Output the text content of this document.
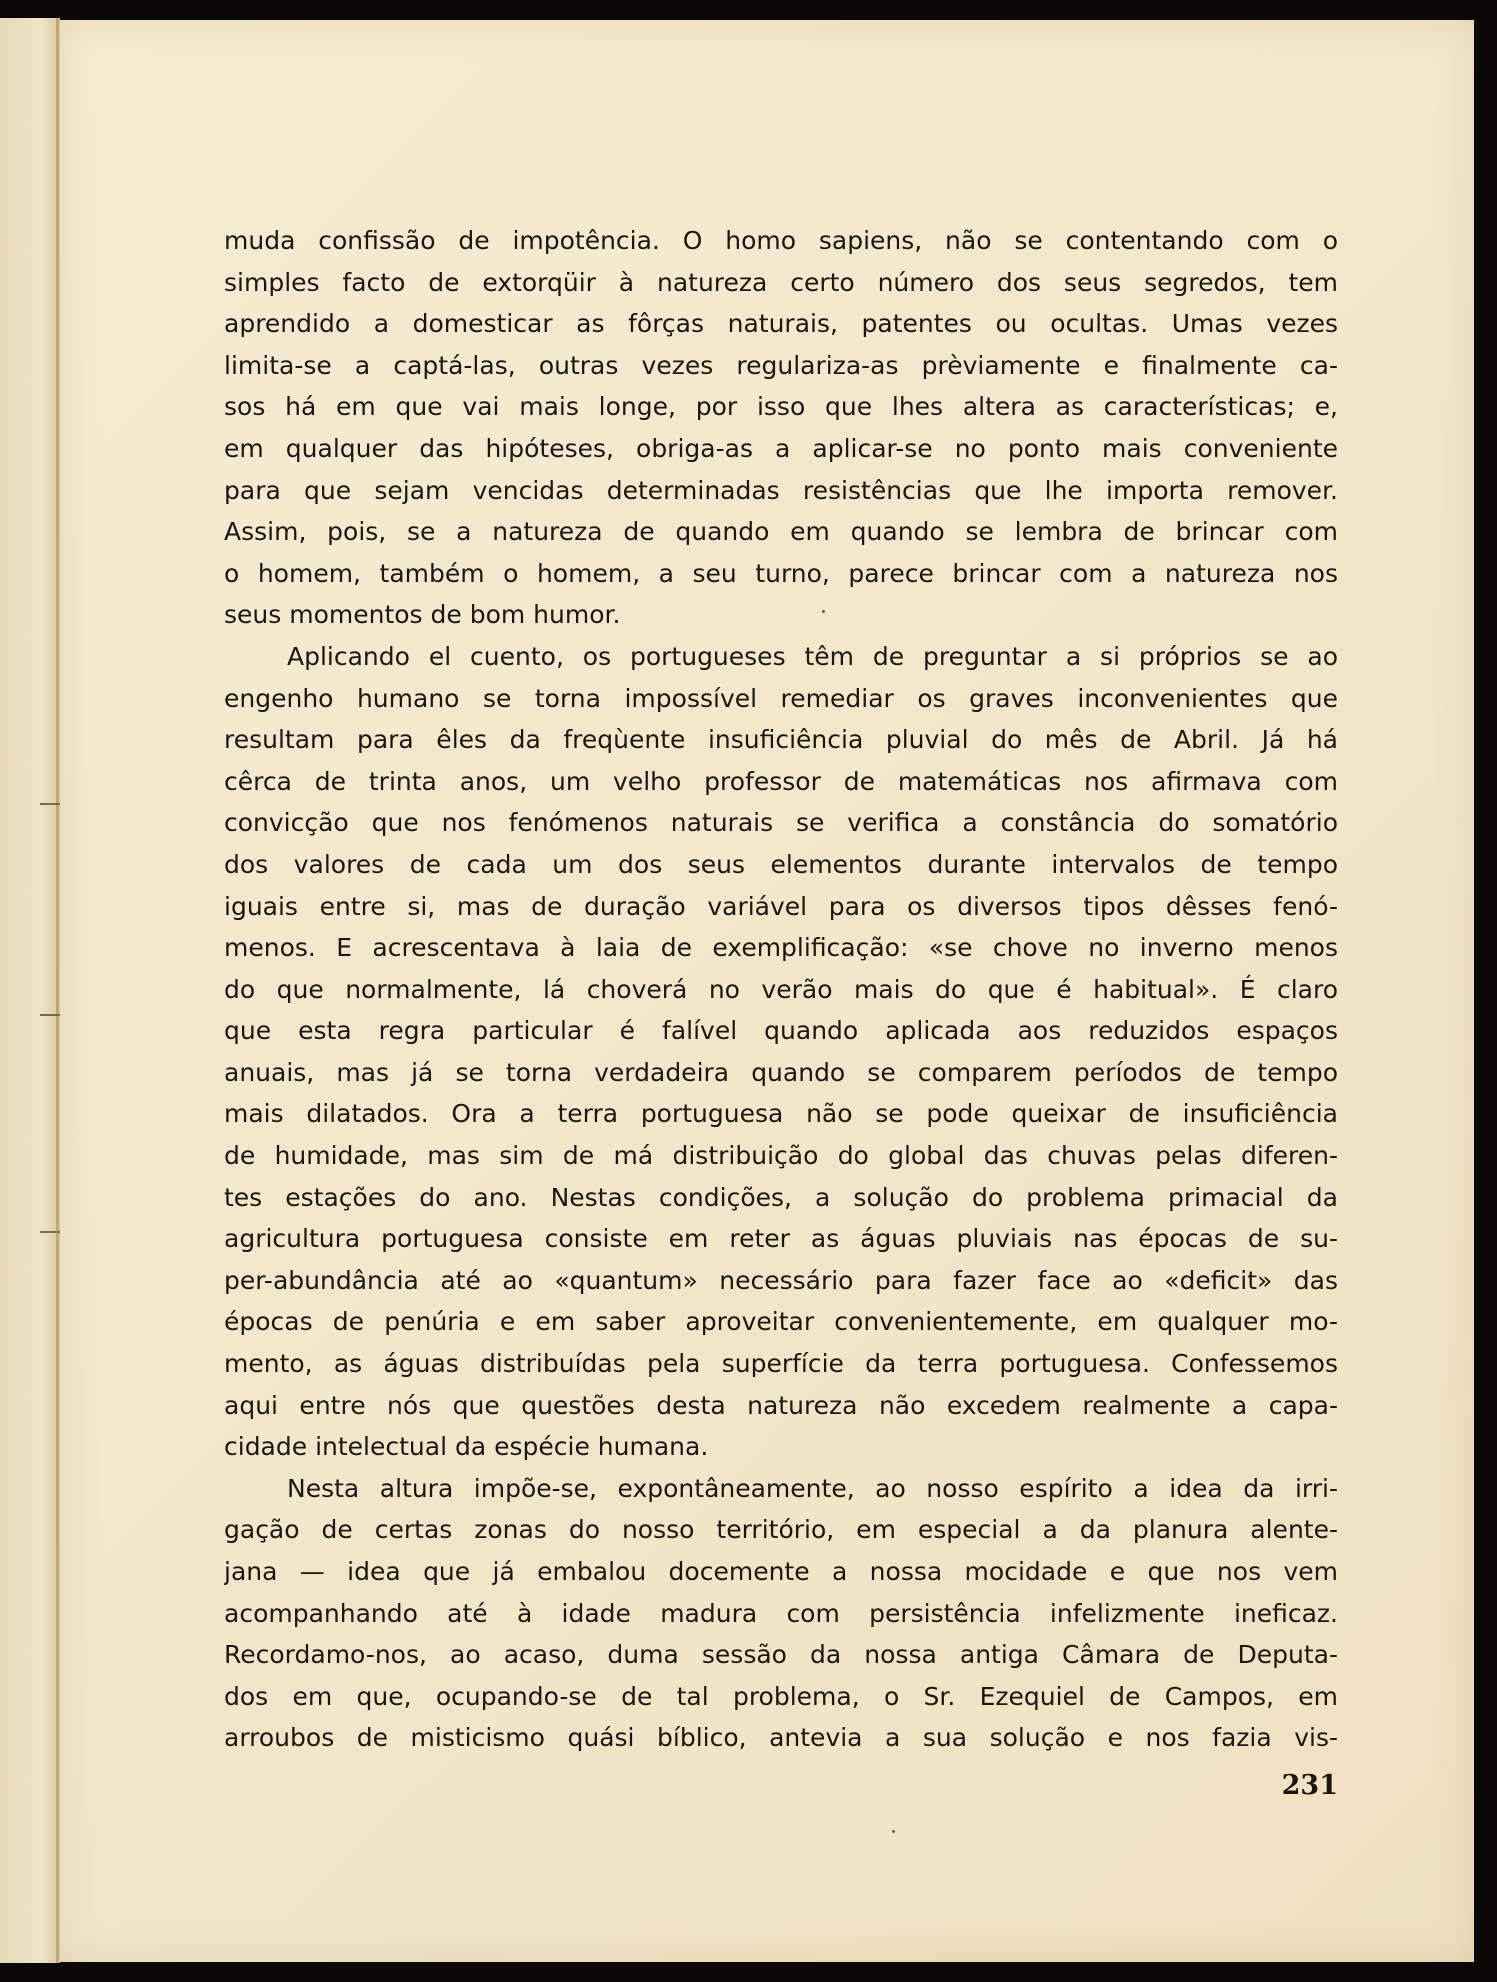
muda confissão de impotência. O homo sapiens, não se contentando com o
simples facto de extorqüir à natureza certo número dos seus segredos, tem
aprendido a domesticar as fôrças naturais, patentes ou ocultas. Umas vezes
limita-se a captá-las, outras vezes regulariza-as prèviamente e finalmente ca-
sos há em que vai mais longe, por isso que lhes altera as características; e,
em qualquer das hipóteses, obriga-as a aplicar-se no ponto mais conveniente
para que sejam vencidas determinadas resistências que lhe importa remover.
Assim, pois, se a natureza de quando em quando se lembra de brincar com
o homem, também o homem, a seu turno, parece brincar com a natureza nos
seus momentos de bom humor.
Aplicando el cuento, os portugueses têm de preguntar a si próprios se ao
engenho humano se torna impossível remediar os graves inconvenientes que
resultam para êles da freqùente insuficiência pluvial do mês de Abril. Já há
cêrca de trinta anos, um velho professor de matemáticas nos afirmava com
convicção que nos fenómenos naturais se verifica a constância do somatório
dos valores de cada um dos seus elementos durante intervalos de tempo
iguais entre si, mas de duração variável para os diversos tipos dêsses fenó-
menos. E acrescentava à laia de exemplificação: «se chove no inverno menos
do que normalmente, lá choverá no verão mais do que é habitual». É claro
que esta regra particular é falível quando aplicada aos reduzidos espaços
anuais, mas já se torna verdadeira quando se comparem períodos de tempo
mais dilatados. Ora a terra portuguesa não se pode queixar de insuficiência
de humidade, mas sim de má distribuição do global das chuvas pelas diferen-
tes estações do ano. Nestas condições, a solução do problema primacial da
agricultura portuguesa consiste em reter as águas pluviais nas épocas de su-
per-abundância até ao «quantum» necessário para fazer face ao «deficit» das
épocas de penúria e em saber aproveitar convenientemente, em qualquer mo-
mento, as águas distribuídas pela superfície da terra portuguesa. Confessemos
aqui entre nós que questões desta natureza não excedem realmente a capa-
cidade intelectual da espécie humana.
Nesta altura impõe-se, expontâneamente, ao nosso espírito a idea da irri-
gação de certas zonas do nosso território, em especial a da planura alente-
jana — idea que já embalou docemente a nossa mocidade e que nos vem
acompanhando até à idade madura com persistência infelizmente ineficaz.
Recordamo-nos, ao acaso, duma sessão da nossa antiga Câmara de Deputa-
dos em que, ocupando-se de tal problema, o Sr. Ezequiel de Campos, em
arroubos de misticismo quási bíblico, antevia a sua solução e nos fazia vis-
231
